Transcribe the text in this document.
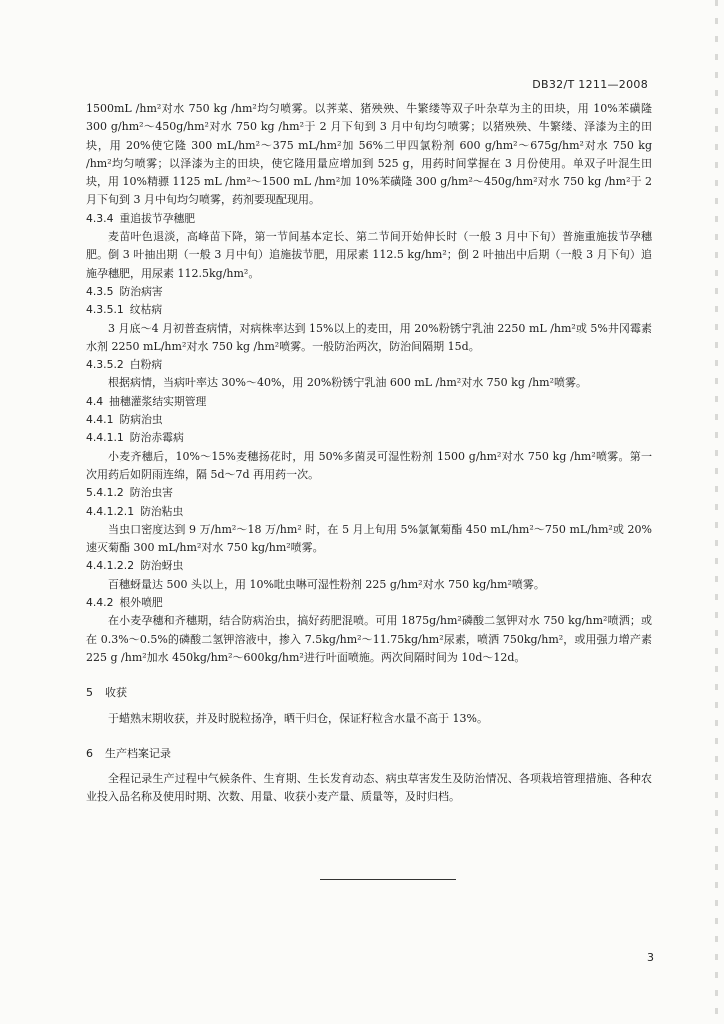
DB32/T 1211—2008

1500mL /hm²对水 750 kg /hm²均匀喷雾。以荠菜、猪殃殃、牛繁缕等双子叶杂草为主的田块，用 10%苯磺隆 300 g/hm²～450g/hm²对水 750 kg /hm²于 2 月下旬到 3 月中旬均匀喷雾；以猪殃殃、牛繁缕、泽漆为主的田块，用 20%使它隆 300 mL/hm²～375 mL/hm²加 56%二甲四氯粉剂 600 g/hm²～675g/hm²对水 750 kg /hm²均匀喷雾；以泽漆为主的田块，使它隆用量应增加到 525 g，用药时间掌握在 3 月份使用。单双子叶混生田块，用 10%精骠 1125 mL /hm²～1500 mL /hm²加 10%苯磺隆 300 g/hm²～450g/hm²对水 750 kg /hm²于 2 月下旬到 3 月中旬均匀喷雾，药剂要现配现用。

4.3.4 重追拔节孕穗肥

麦苗叶色退淡，高峰苗下降，第一节间基本定长、第二节间开始伸长时（一般 3 月中下旬）普施重施拔节孕穗肥。倒 3 叶抽出期（一般 3 月中旬）追施拔节肥，用尿素 112.5 kg/hm²；倒 2 叶抽出中后期（一般 3 月下旬）追施孕穗肥，用尿素 112.5kg/hm²。

4.3.5 防治病害
4.3.5.1 纹枯病

3 月底～4 月初普查病情，对病株率达到 15%以上的麦田，用 20%粉锈宁乳油 2250 mL /hm²或 5%井冈霉素水剂 2250 mL/hm²对水 750 kg /hm²喷雾。一般防治两次，防治间隔期 15d。

4.3.5.2 白粉病

根据病情，当病叶率达 30%～40%，用 20%粉锈宁乳油 600 mL /hm²对水 750 kg /hm²喷雾。

4.4 抽穗灌浆结实期管理
4.4.1 防病治虫
4.4.1.1 防治赤霉病

小麦齐穗后，10%～15%麦穗扬花时，用 50%多菌灵可湿性粉剂 1500 g/hm²对水 750 kg /hm²喷雾。第一次用药后如阴雨连绵，隔 5d～7d 再用药一次。

5.4.1.2 防治虫害
4.4.1.2.1 防治粘虫

当虫口密度达到 9 万/hm²～18 万/hm² 时，在 5 月上旬用 5%氯氰菊酯 450 mL/hm²～750 mL/hm²或 20%速灭菊酯 300 mL/hm²对水 750 kg/hm²喷雾。

4.4.1.2.2 防治蚜虫

百穗蚜量达 500 头以上，用 10%吡虫啉可湿性粉剂 225 g/hm²对水 750 kg/hm²喷雾。

4.4.2 根外喷肥

在小麦孕穗和齐穗期，结合防病治虫，搞好药肥混喷。可用 1875g/hm²磷酸二氢钾对水 750 kg/hm²喷洒；或在 0.3%～0.5%的磷酸二氢钾溶液中，掺入 7.5kg/hm²～11.75kg/hm²尿素，喷洒 750kg/hm²，或用强力增产素 225 g /hm²加水 450kg/hm²～600kg/hm²进行叶面喷施。两次间隔时间为 10d～12d。

5 收获

于蜡熟末期收获，并及时脱粒扬净，晒干归仓，保证籽粒含水量不高于 13%。

6 生产档案记录

全程记录生产过程中气候条件、生育期、生长发育动态、病虫草害发生及防治情况、各项栽培管理措施、各种农业投入品名称及使用时期、次数、用量、收获小麦产量、质量等，及时归档。

3
